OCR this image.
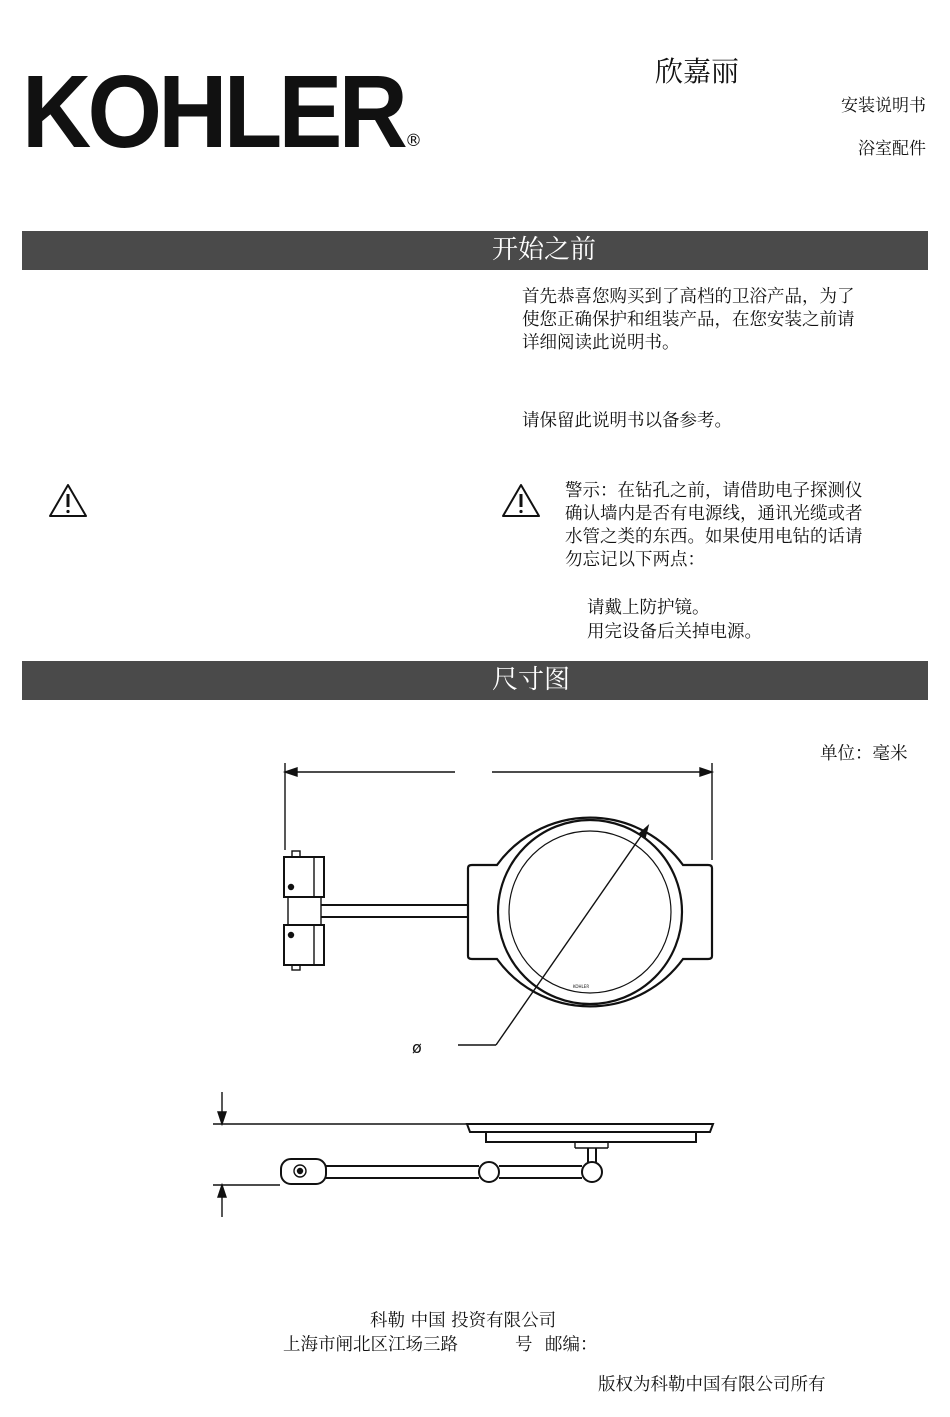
KOHLER ®
欣嘉丽
安装说明书
浴室配件
开始之前
首先恭喜您购买到了高档的卫浴产品，为了
使您正确保护和组装产品，在您安装之前请
详细阅读此说明书。
请保留此说明书以备参考。
警示：在钻孔之前，请借助电子探测仪
确认墙内是否有电源线，通讯光缆或者
水管之类的东西。如果使用电钻的话请
勿忘记以下两点：
请戴上防护镜。
用完设备后关掉电源。
尺寸图
单位：毫米
ø
KOHLER
科勒 中国 投资有限公司
上海市闸北区江场三路	号 邮编：
版权为科勒中国有限公司所有
